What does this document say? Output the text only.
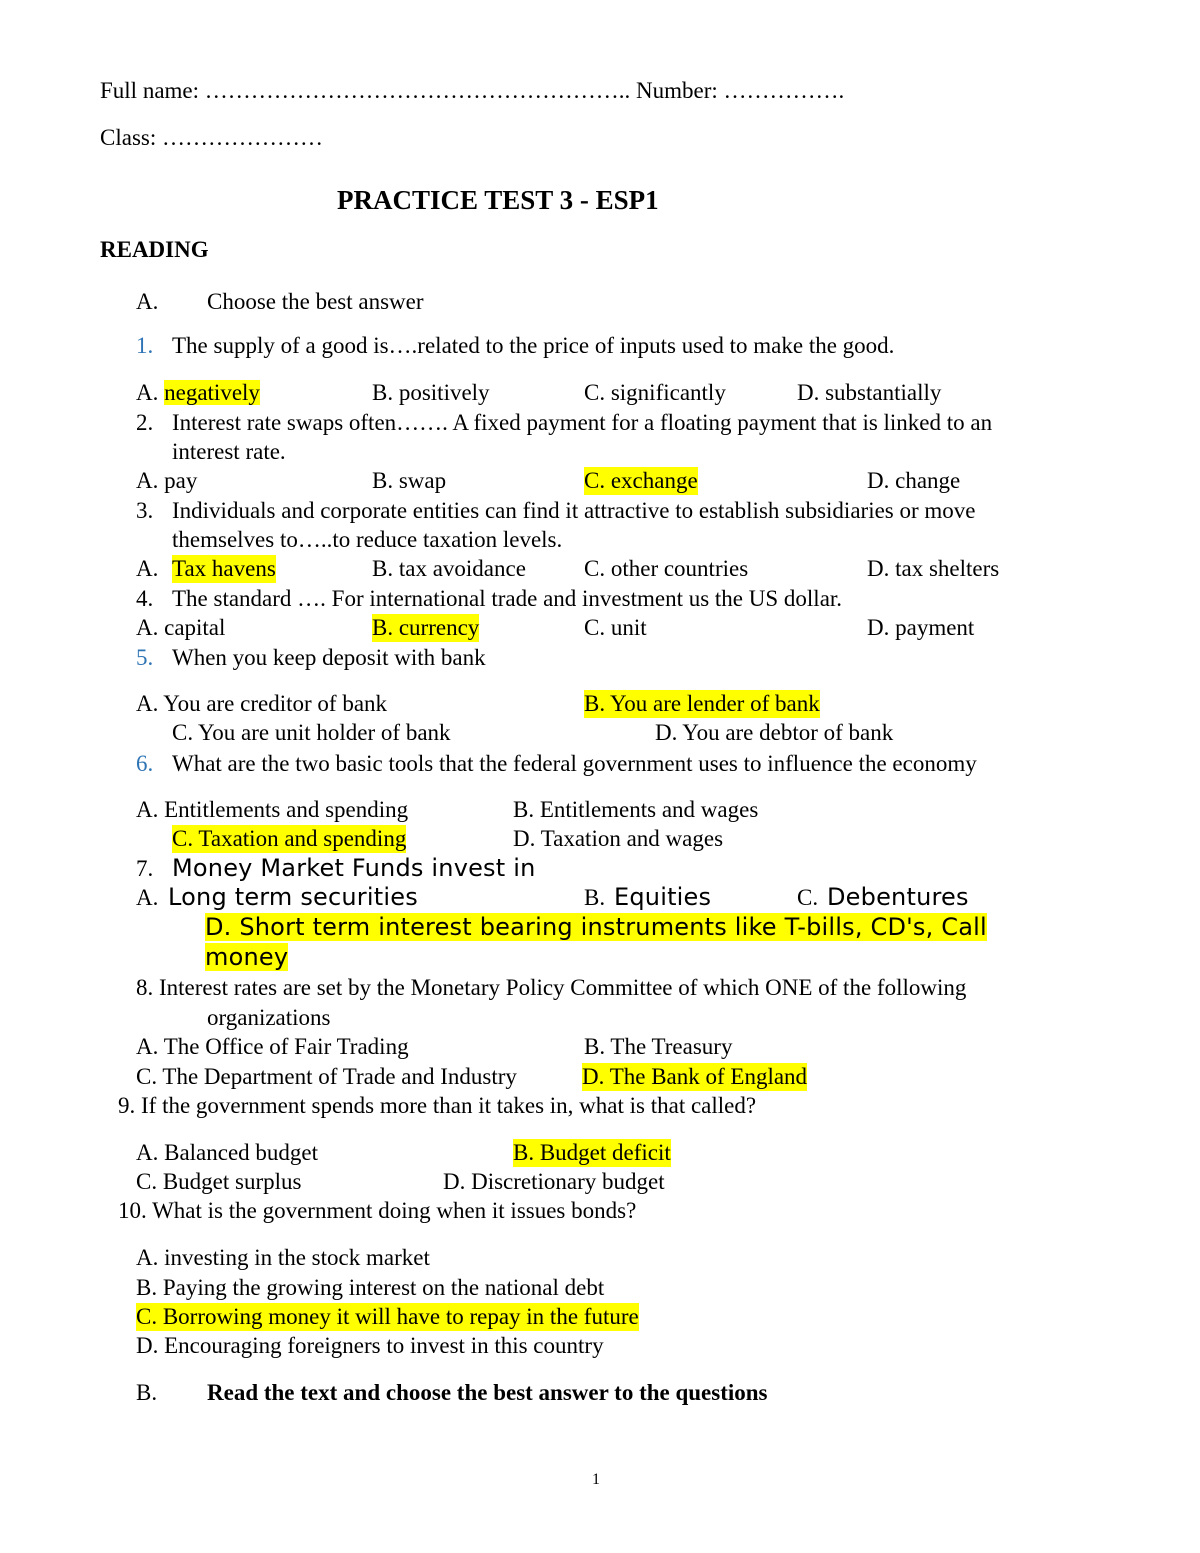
Full name: ……………………………………………….. Number: …………….
Class: …………………
PRACTICE TEST 3 - ESP1
READING
A. Choose the best answer
1. The supply of a good is….related to the price of inputs used to make the good.
A. negatively	B. positively	C. significantly	D. substantially
2. Interest rate swaps often……. A fixed payment for a floating payment that is linked to an
interest rate.
A. pay	B. swap	C. exchange	D. change
3. Individuals and corporate entities can find it attractive to establish subsidiaries or move
themselves to…..to reduce taxation levels.
A. Tax havens	B. tax avoidance	C. other countries	D. tax shelters
4. The standard …. For international trade and investment us the US dollar.
A. capital	B. currency	C. unit	D. payment
5. When you keep deposit with bank
A. You are creditor of bank	B. You are lender of bank
C. You are unit holder of bank	D. You are debtor of bank
6. What are the two basic tools that the federal government uses to influence the economy
A. Entitlements and spending	B. Entitlements and wages
C. Taxation and spending	D. Taxation and wages
7. Money Market Funds invest in
A. Long term securities	B. Equities	C. Debentures
D. Short term interest bearing instruments like T-bills, CD's, Call
money
8. Interest rates are set by the Monetary Policy Committee of which ONE of the following
organizations
A. The Office of Fair Trading	B. The Treasury
C. The Department of Trade and Industry	D. The Bank of England
9. If the government spends more than it takes in, what is that called?
A. Balanced budget	B. Budget deficit
C. Budget surplus	D. Discretionary budget
10. What is the government doing when it issues bonds?
A. investing in the stock market
B. Paying the growing interest on the national debt
C. Borrowing money it will have to repay in the future
D. Encouraging foreigners to invest in this country
B. Read the text and choose the best answer to the questions
1
